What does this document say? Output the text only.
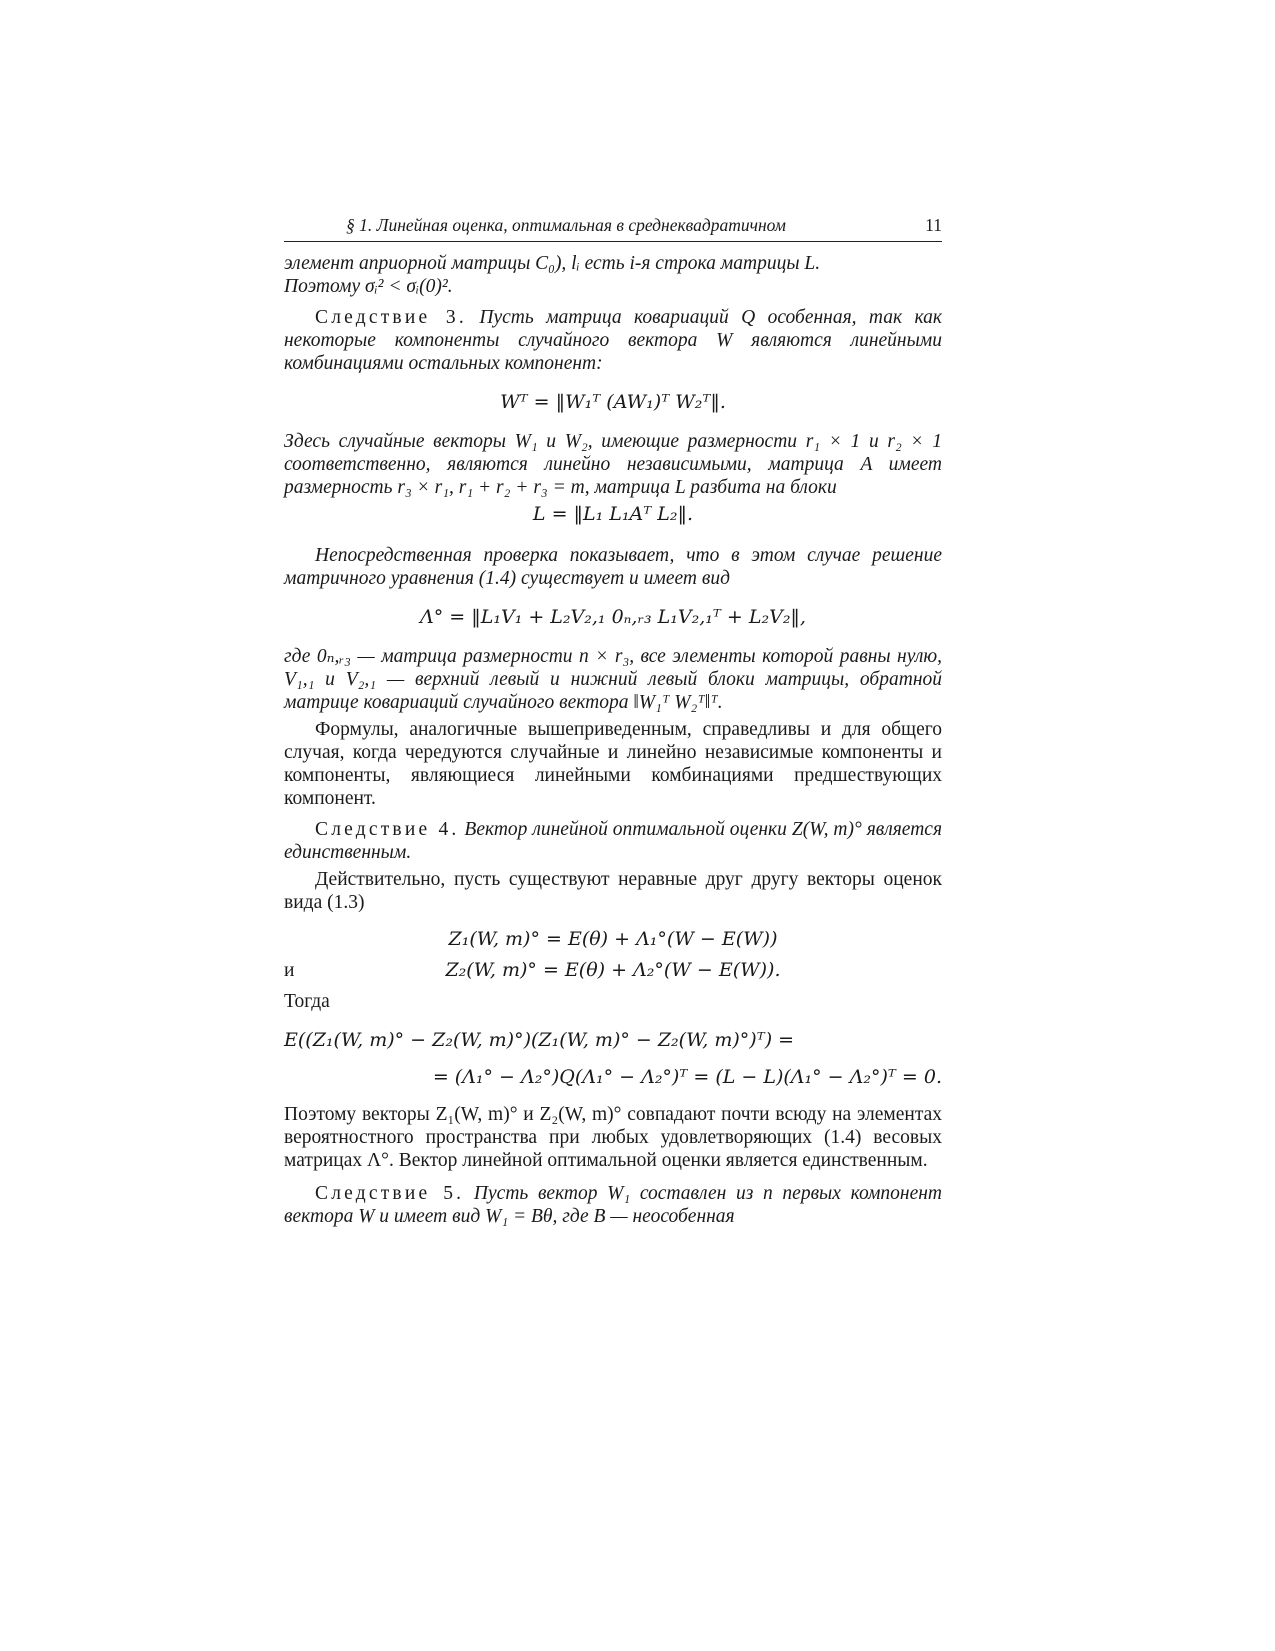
§ 1. Линейная оценка, оптимальная в среднеквадратичном	11

элемент априорной матрицы C₀), lᵢ есть i-я строка матрицы L.
Поэтому σᵢ² < σᵢ(0)².

Следствие 3. Пусть матрица ковариаций Q особенная, так как некоторые компоненты случайного вектора W являются линейными комбинациями остальных компонент:

Wᵀ = ‖W₁ᵀ (AW₁)ᵀ W₂ᵀ‖.

Здесь случайные векторы W₁ и W₂, имеющие размерности r₁ × 1 и r₂ × 1 соответственно, являются линейно независимыми, матрица A имеет размерность r₃ × r₁, r₁ + r₂ + r₃ = m, матрица L разбита на блоки

L = ‖L₁ L₁Aᵀ L₂‖.

Непосредственная проверка показывает, что в этом случае решение матричного уравнения (1.4) существует и имеет вид

Λ° = ‖L₁V₁ + L₂V₂,₁ 0ₙ,ᵣ₃ L₁V₂,₁ᵀ + L₂V₂‖,

где 0ₙ,ᵣ₃ — матрица размерности n × r₃, все элементы которой равны нулю, V₁,₁ и V₂,₁ — верхний левый и нижний левый блоки матрицы, обратной матрице ковариаций случайного вектора ‖W₁ᵀ W₂ᵀ‖ᵀ.

Формулы, аналогичные вышеприведенным, справедливы и для общего случая, когда чередуются случайные и линейно независимые компоненты и компоненты, являющиеся линейными комбинациями предшествующих компонент.

Следствие 4. Вектор линейной оптимальной оценки Z(W, m)° является единственным.

Действительно, пусть существуют неравные друг другу векторы оценок вида (1.3)

Z₁(W, m)° = E(θ) + Λ₁°(W − E(W))

и	Z₂(W, m)° = E(θ) + Λ₂°(W − E(W)).

Тогда

E((Z₁(W, m)° − Z₂(W, m)°)(Z₁(W, m)° − Z₂(W, m)°)ᵀ) =

= (Λ₁° − Λ₂°)Q(Λ₁° − Λ₂°)ᵀ = (L − L)(Λ₁° − Λ₂°)ᵀ = 0.

Поэтому векторы Z₁(W, m)° и Z₂(W, m)° совпадают почти всюду на элементах вероятностного пространства при любых удовлетворяющих (1.4) весовых матрицах Λ°. Вектор линейной оптимальной оценки является единственным.

Следствие 5. Пусть вектор W₁ составлен из n первых компонент вектора W и имеет вид W₁ = Bθ, где B — неособенная
